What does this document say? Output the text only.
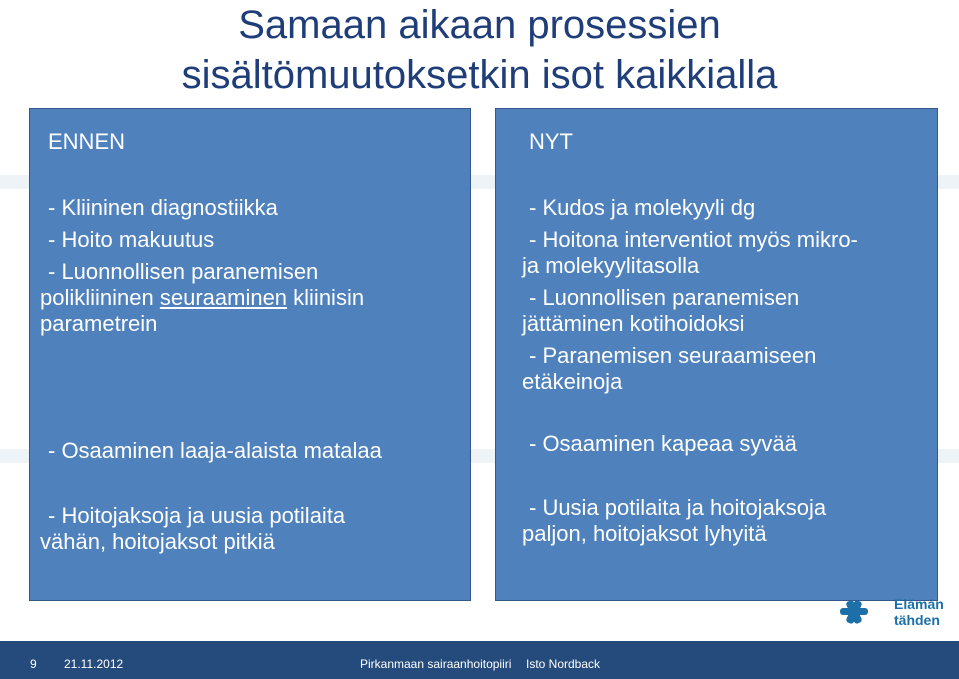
Samaan aikaan prosessien
sisältömuutoksetkin isot kaikkialla
ENNEN
- Kliininen diagnostiikka
- Hoito makuutus
- Luonnollisen paranemisen
polikliininen seuraaminen kliinisin
parametrein
- Osaaminen laaja-alaista matalaa
- Hoitojaksoja ja uusia potilaita
vähän, hoitojaksot pitkiä
NYT
- Kudos ja molekyyli dg
- Hoitona interventiot myös mikro-
ja molekyylitasolla
- Luonnollisen paranemisen
jättäminen kotihoidoksi
- Paranemisen seuraamiseen
etäkeinoja
- Osaaminen kapeaa syvää
- Uusia potilaita ja hoitojaksoja
paljon, hoitojaksot lyhyitä
Elämän
tähden
9 21.11.2012	Pirkanmaan sairaanhoitopiiri Isto Nordback
